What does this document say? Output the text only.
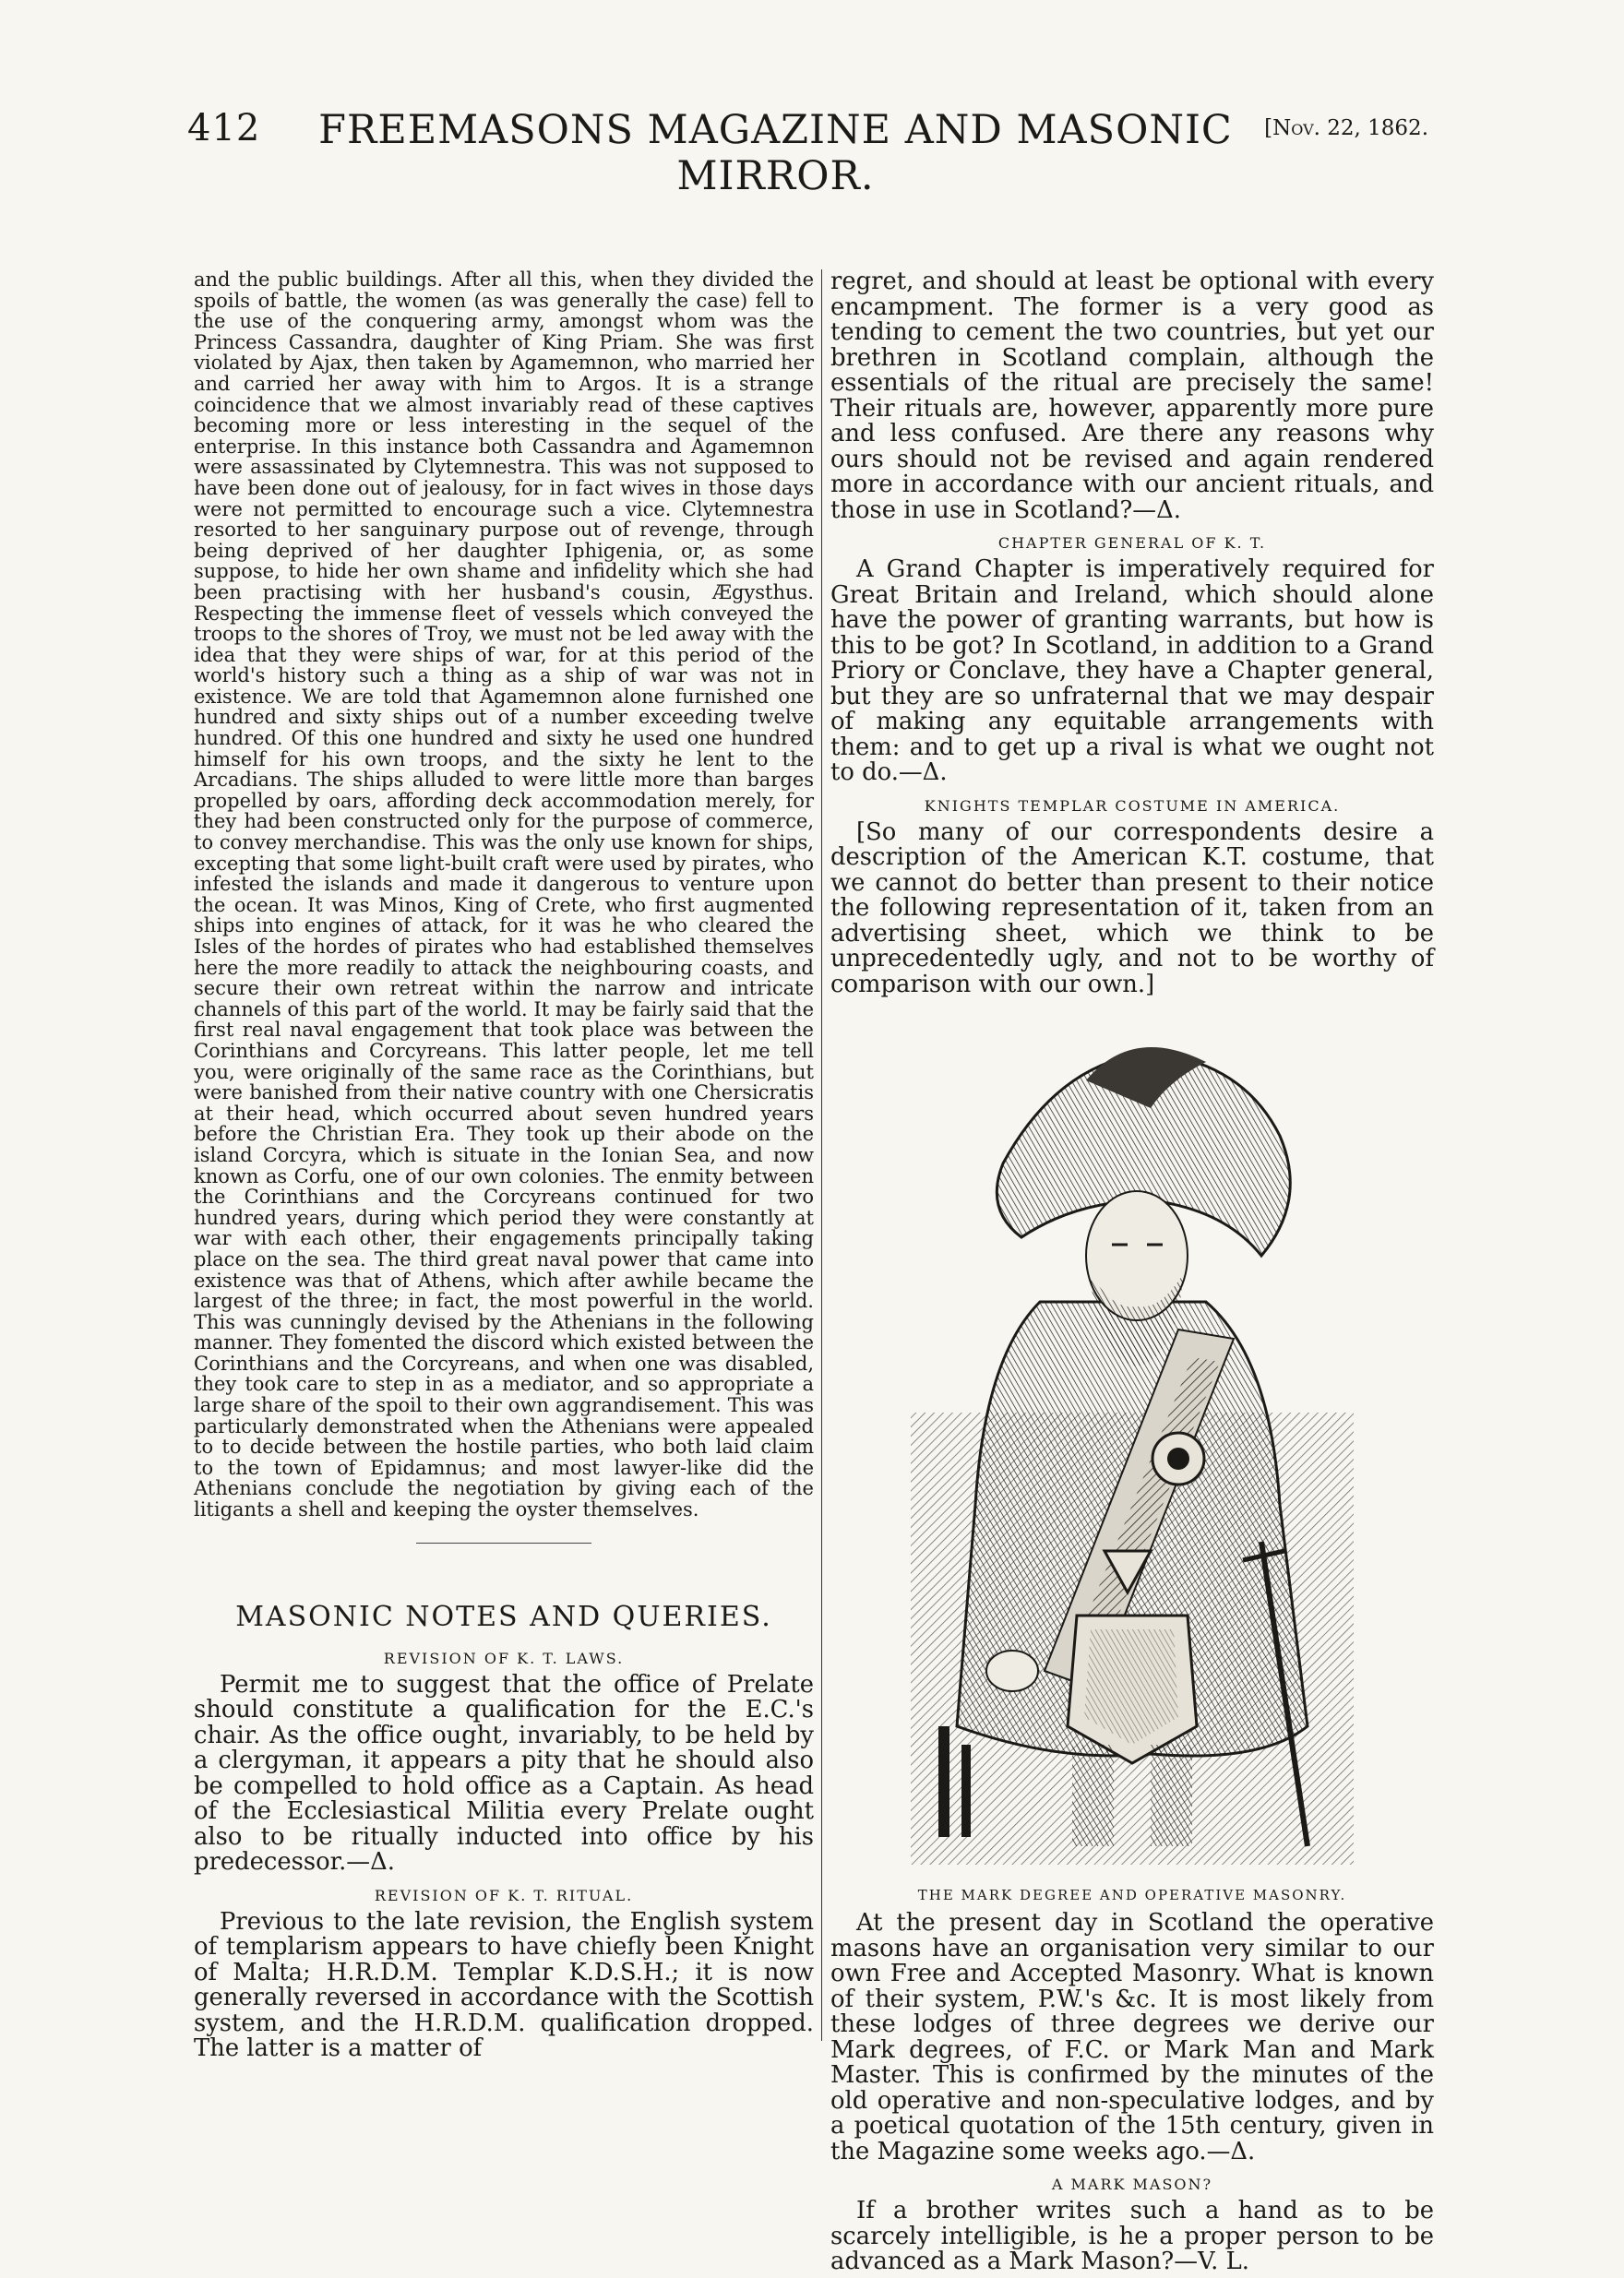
412	FREEMASONS MAGAZINE AND MASONIC MIRROR.
[Nov. 22, 1862.

and the public buildings. After all this, when they divided the spoils of battle, the women (as was generally the case) fell to the use of the conquering army, amongst whom was the Princess Cassandra, daughter of King Priam. She was first violated by Ajax, then taken by Agamemnon, who married her and carried her away with him to Argos. It is a strange coincidence that we almost invariably read of these captives becoming more or less interesting in the sequel of the enterprise. In this instance both Cassandra and Agamemnon were assassinated by Clytemnestra. This was not supposed to have been done out of jealousy, for in fact wives in those days were not permitted to encourage such a vice. Clytemnestra resorted to her sanguinary purpose out of revenge, through being deprived of her daughter Iphigenia, or, as some suppose, to hide her own shame and infidelity which she had been practising with her husband's cousin, Ægysthus. Respecting the immense fleet of vessels which conveyed the troops to the shores of Troy, we must not be led away with the idea that they were ships of war, for at this period of the world's history such a thing as a ship of war was not in existence. We are told that Agamemnon alone furnished one hundred and sixty ships out of a number exceeding twelve hundred. Of this one hundred and sixty he used one hundred himself for his own troops, and the sixty he lent to the Arcadians. The ships alluded to were little more than barges propelled by oars, affording deck accommodation merely, for they had been constructed only for the purpose of commerce, to convey merchandise. This was the only use known for ships, excepting that some light-built craft were used by pirates, who infested the islands and made it dangerous to venture upon the ocean. It was Minos, King of Crete, who first augmented ships into engines of attack, for it was he who cleared the Isles of the hordes of pirates who had established themselves here the more readily to attack the neighbouring coasts, and secure their own retreat within the narrow and intricate channels of this part of the world. It may be fairly said that the first real naval engagement that took place was between the Corinthians and Corcyreans. This latter people, let me tell you, were originally of the same race as the Corinthians, but were banished from their native country with one Chersicratis at their head, which occurred about seven hundred years before the Christian Era. They took up their abode on the island Corcyra, which is situate in the Ionian Sea, and now known as Corfu, one of our own colonies. The enmity between the Corinthians and the Corcyreans continued for two hundred years, during which period they were constantly at war with each other, their engagements principally taking place on the sea. The third great naval power that came into existence was that of Athens, which after awhile became the largest of the three; in fact, the most powerful in the world. This was cunningly devised by the Athenians in the following manner. They fomented the discord which existed between the Corinthians and the Corcyreans, and when one was disabled, they took care to step in as a mediator, and so appropriate a large share of the spoil to their own aggrandisement. This was particularly demonstrated when the Athenians were appealed to to decide between the hostile parties, who both laid claim to the town of Epidamnus; and most lawyer-like did the Athenians conclude the negotiation by giving each of the litigants a shell and keeping the oyster themselves.

MASONIC NOTES AND QUERIES.
REVISION OF K. T. LAWS.

Permit me to suggest that the office of Prelate should constitute a qualification for the E.C.'s chair. As the office ought, invariably, to be held by a clergyman, it appears a pity that he should also be compelled to hold office as a Captain. As head of the Ecclesiastical Militia every Prelate ought also to be ritually inducted into office by his predecessor.—Δ.

REVISION OF K. T. RITUAL.

Previous to the late revision, the English system of templarism appears to have chiefly been Knight of Malta; H.R.D.M. Templar K.D.S.H.; it is now generally reversed in accordance with the Scottish system, and the H.R.D.M. qualification dropped. The latter is a matter of

regret, and should at least be optional with every encampment. The former is a very good as tending to cement the two countries, but yet our brethren in Scotland complain, although the essentials of the ritual are precisely the same! Their rituals are, however, apparently more pure and less confused. Are there any reasons why ours should not be revised and again rendered more in accordance with our ancient rituals, and those in use in Scotland?—Δ.

CHAPTER GENERAL OF K. T.

A Grand Chapter is imperatively required for Great Britain and Ireland, which should alone have the power of granting warrants, but how is this to be got? In Scotland, in addition to a Grand Priory or Conclave, they have a Chapter general, but they are so unfraternal that we may despair of making any equitable arrangements with them: and to get up a rival is what we ought not to do.—Δ.

KNIGHTS TEMPLAR COSTUME IN AMERICA.

[So many of our correspondents desire a description of the American K.T. costume, that we cannot do better than present to their notice the following representation of it, taken from an advertising sheet, which we think to be unprecedentedly ugly, and not to be worthy of comparison with our own.]

THE MARK DEGREE AND OPERATIVE MASONRY.

At the present day in Scotland the operative masons have an organisation very similar to our own Free and Accepted Masonry. What is known of their system, P.W.'s &c. It is most likely from these lodges of three degrees we derive our Mark degrees, of F.C. or Mark Man and Mark Master. This is confirmed by the minutes of the old operative and non-speculative lodges, and by a poetical quotation of the 15th century, given in the Magazine some weeks ago.—Δ.

A MARK MASON?

If a brother writes such a hand as to be scarcely intelligible, is he a proper person to be advanced as a Mark Mason?—V. L.
